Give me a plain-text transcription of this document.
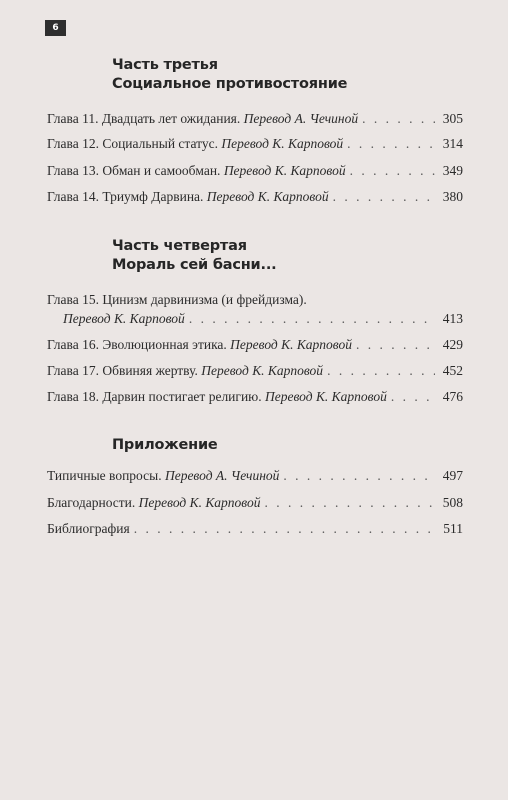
6
Часть третья
Социальное противостояние
Глава 11. Двадцать лет ожидания. Перевод А. Чечиной . . .	305
Глава 12. Социальный статус. Перевод К. Карповой . . .	314
Глава 13. Обман и самообман. Перевод К. Карповой . . .	349
Глава 14. Триумф Дарвина. Перевод К. Карповой . . .	380
Часть четвертая
Мораль сей басни...
Глава 15. Цинизм дарвинизма (и фрейдизма).
Перевод К. Карповой . . .	413
Глава 16. Эволюционная этика. Перевод К. Карповой . . .	429
Глава 17. Обвиняя жертву. Перевод К. Карповой . . .	452
Глава 18. Дарвин постигает религию. Перевод К. Карповой . . .	476
Приложение
Типичные вопросы. Перевод А. Чечиной . . .	497
Благодарности. Перевод К. Карповой . . .	508
Библиография . . .	511
